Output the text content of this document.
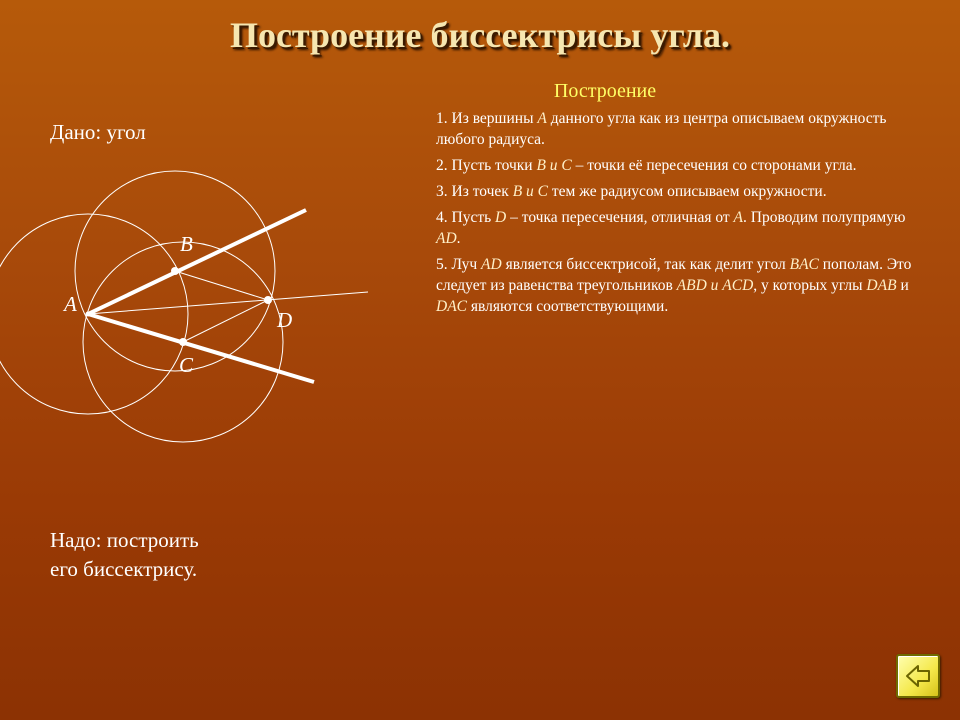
Построение биссектрисы угла.
Дано: угол
A
B
C
D
Построение
1. Из вершины A данного угла как из центра описываем окружность любого радиуса.
2. Пусть точки B и C – точки её пересечения со сторонами угла.
3. Из точек B и C тем же радиусом описываем окружности.
4. Пусть D – точка пересечения, отличная от A. Проводим полупрямую AD.
5. Луч AD является биссектрисой, так как делит угол BAC пополам. Это следует из равенства треугольников ABD и ACD, у которых углы DAB и DAC являются соответствующими.
Надо: построить
его биссектрису.
